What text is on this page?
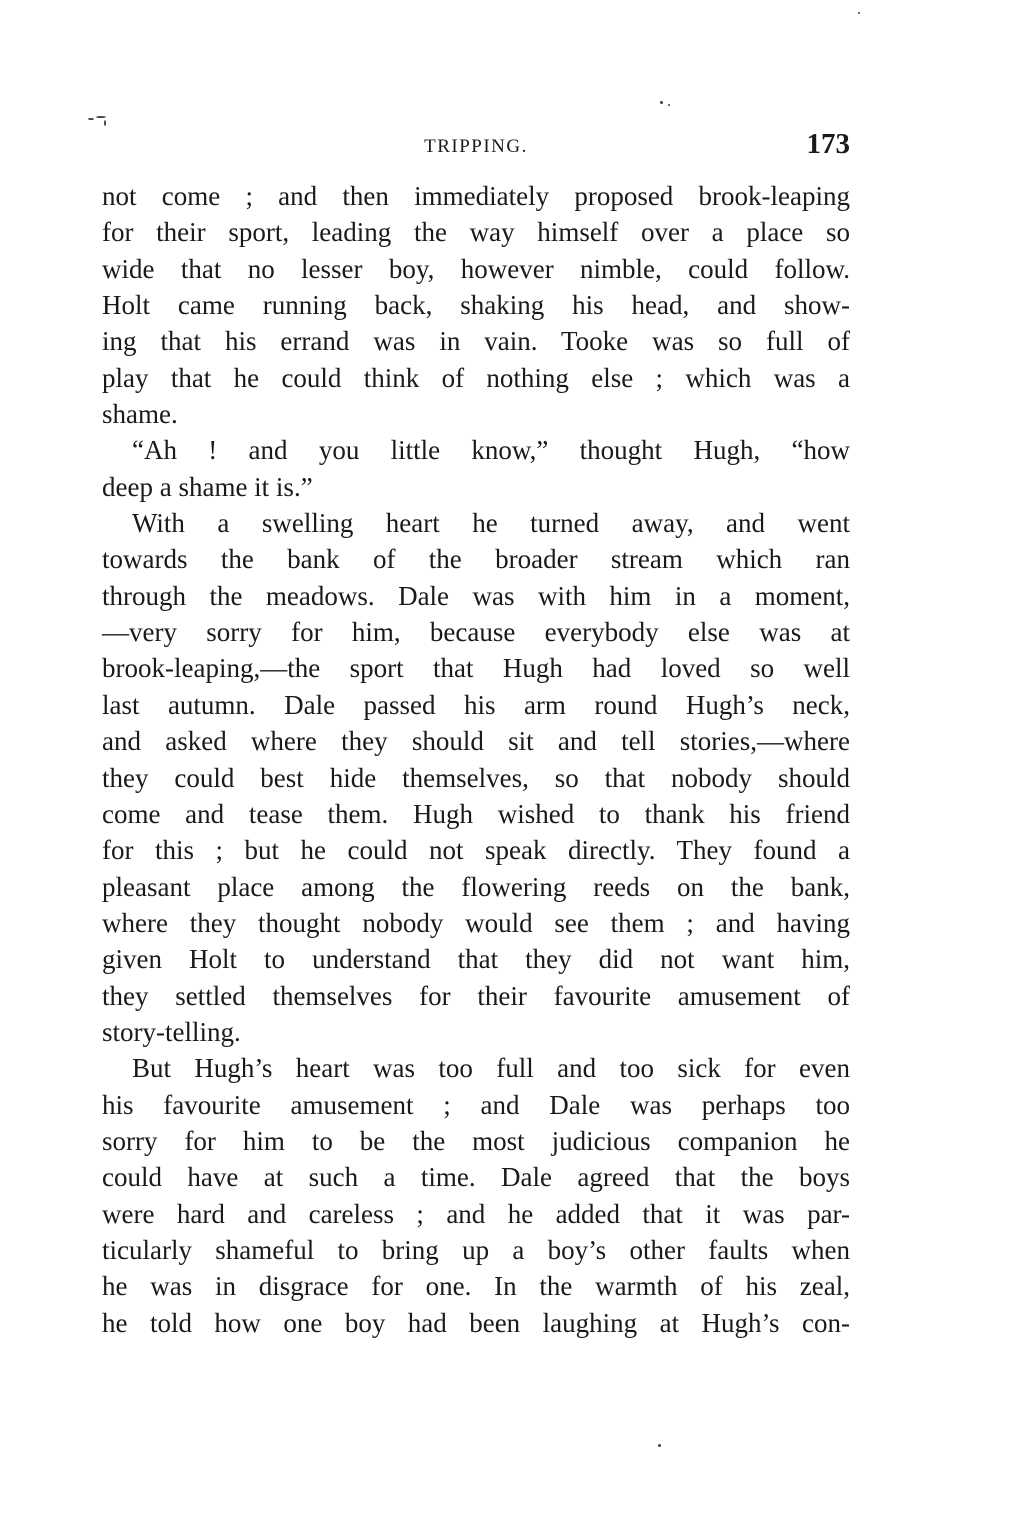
TRIPPING.	173
not come ; and then immediately proposed brook-leaping
for their sport, leading the way himself over a place so
wide that no lesser boy, however nimble, could follow.
Holt came running back, shaking his head, and show-
ing that his errand was in vain. Tooke was so full of
play that he could think of nothing else ; which was a
shame.
“Ah ! and you little know,” thought Hugh, “how
deep a shame it is.”
With a swelling heart he turned away, and went
towards the bank of the broader stream which ran
through the meadows. Dale was with him in a moment,
—very sorry for him, because everybody else was at
brook-leaping,—the sport that Hugh had loved so well
last autumn. Dale passed his arm round Hugh’s neck,
and asked where they should sit and tell stories,—where
they could best hide themselves, so that nobody should
come and tease them. Hugh wished to thank his friend
for this ; but he could not speak directly. They found a
pleasant place among the flowering reeds on the bank,
where they thought nobody would see them ; and having
given Holt to understand that they did not want him,
they settled themselves for their favourite amusement of
story-telling.
But Hugh’s heart was too full and too sick for even
his favourite amusement ; and Dale was perhaps too
sorry for him to be the most judicious companion he
could have at such a time. Dale agreed that the boys
were hard and careless ; and he added that it was par-
ticularly shameful to bring up a boy’s other faults when
he was in disgrace for one. In the warmth of his zeal,
he told how one boy had been laughing at Hugh’s con-
